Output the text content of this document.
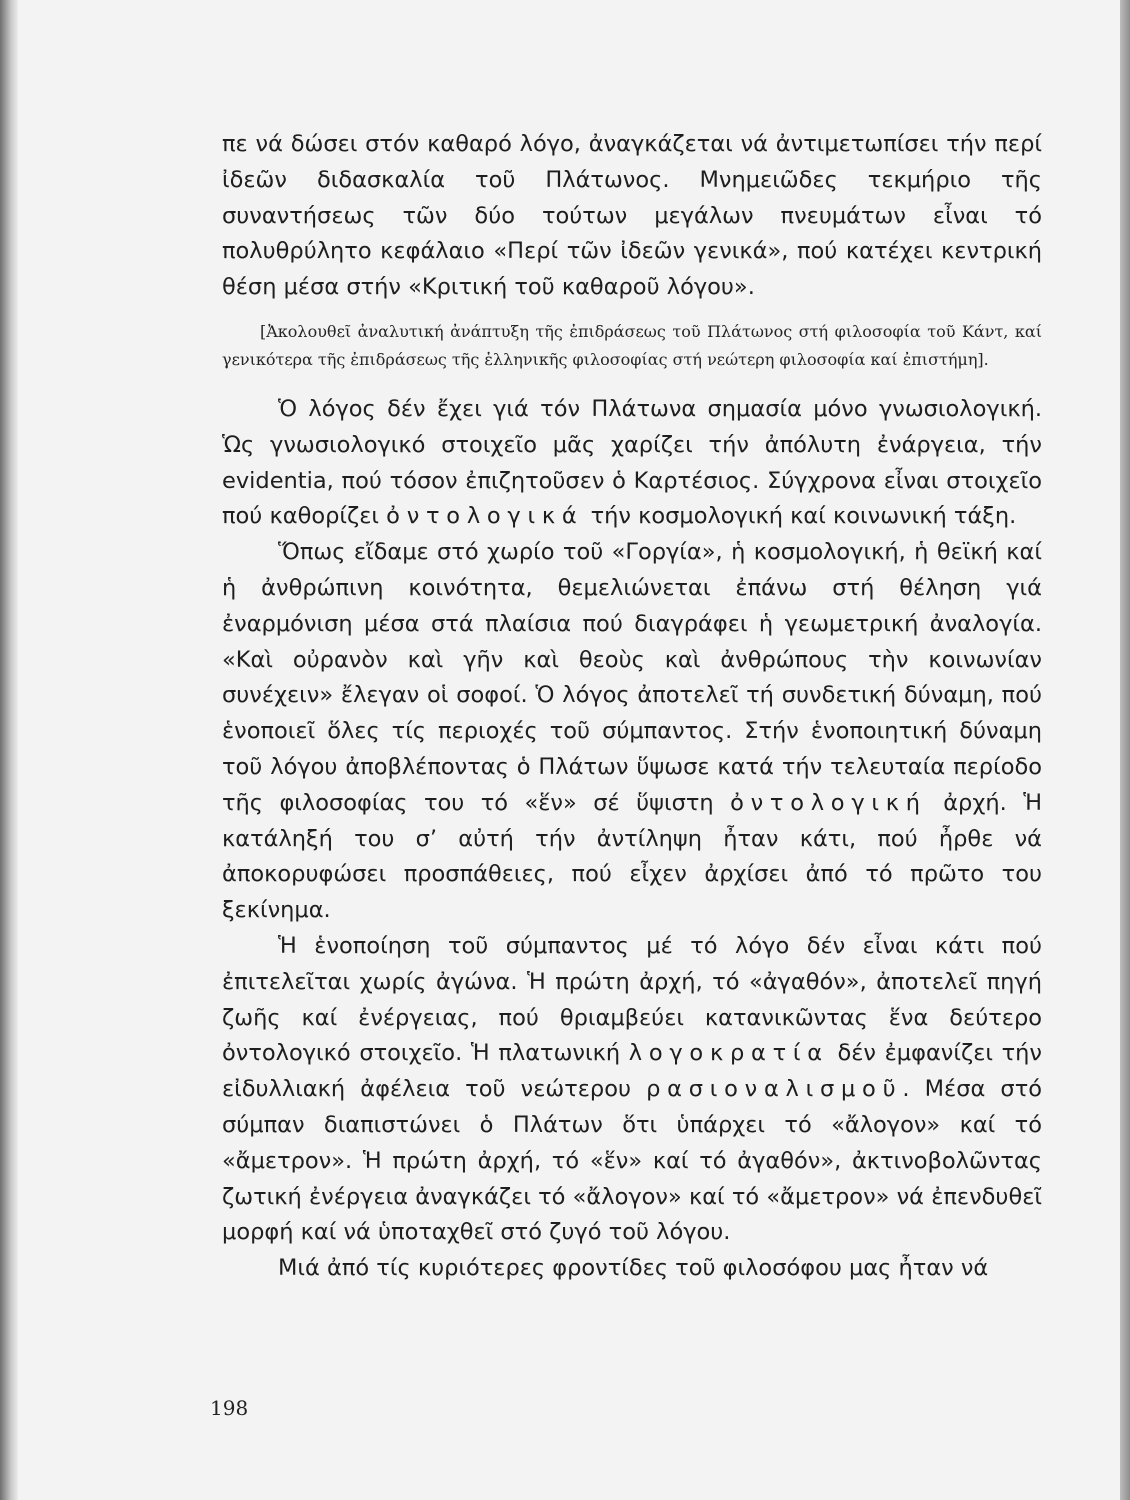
πε νά δώσει στόν καθαρό λόγο, ἀναγκάζεται νά ἀντιμετωπίσει τήν περί ἰδεῶν διδασκαλία τοῦ Πλάτωνος. Μνημειῶδες τεκμήριο τῆς συναντήσεως τῶν δύο τούτων μεγάλων πνευμάτων εἶναι τό πολυθρύλητο κεφάλαιο «Περί τῶν ἰδεῶν γενικά», πού κατέχει κεντρική θέση μέσα στήν «Κριτική τοῦ καθαροῦ λόγου».

[Ἀκολουθεῖ ἀναλυτική ἀνάπτυξη τῆς ἐπιδράσεως τοῦ Πλάτωνος στή φιλοσοφία τοῦ Κάντ, καί γενικότερα τῆς ἐπιδράσεως τῆς ἑλληνικῆς φιλοσοφίας στή νεώτερη φιλοσοφία καί ἐπιστήμη].

Ὁ λόγος δέν ἔχει γιά τόν Πλάτωνα σημασία μόνο γνωσιολογική. Ὡς γνωσιολογικό στοιχεῖο μᾶς χαρίζει τήν ἀπόλυτη ἐνάργεια, τήν evidentia, πού τόσον ἐπιζητοῦσεν ὁ Καρτέσιος. Σύγχρονα εἶναι στοιχεῖο πού καθορίζει ὀντολογικά τήν κοσμολογική καί κοινωνική τάξη.

Ὅπως εἴδαμε στό χωρίο τοῦ «Γοργία», ἡ κοσμολογική, ἡ θεϊκή καί ἡ ἀνθρώπινη κοινότητα, θεμελιώνεται ἐπάνω στή θέληση γιά ἐναρμόνιση μέσα στά πλαίσια πού διαγράφει ἡ γεωμετρική ἀναλογία. «Καὶ οὐρανὸν καὶ γῆν καὶ θεοὺς καὶ ἀνθρώπους τὴν κοινωνίαν συνέχειν» ἔλεγαν οἱ σοφοί. Ὁ λόγος ἀποτελεῖ τή συνδετική δύναμη, πού ἑνοποιεῖ ὅλες τίς περιοχές τοῦ σύμπαντος. Στήν ἑνοποιητική δύναμη τοῦ λόγου ἀποβλέποντας ὁ Πλάτων ὕψωσε κατά τήν τελευταία περίοδο τῆς φιλοσοφίας του τό «ἕν» σέ ὕψιστη ὀντολογική ἀρχή. Ἡ κατάληξή του σ’ αὐτή τήν ἀντίληψη ἦταν κάτι, πού ἦρθε νά ἀποκορυφώσει προσπάθειες, πού εἶχεν ἀρχίσει ἀπό τό πρῶτο του ξεκίνημα.

Ἡ ἑνοποίηση τοῦ σύμπαντος μέ τό λόγο δέν εἶναι κάτι πού ἐπιτελεῖται χωρίς ἀγώνα. Ἡ πρώτη ἀρχή, τό «ἀγαθόν», ἀποτελεῖ πηγή ζωῆς καί ἐνέργειας, πού θριαμβεύει κατανικῶντας ἕνα δεύτερο ὀντολογικό στοιχεῖο. Ἡ πλατωνική λογοκρατία δέν ἐμφανίζει τήν εἰδυλλιακή ἀφέλεια τοῦ νεώτερου ρασιοναλισμοῦ. Μέσα στό σύμπαν διαπιστώνει ὁ Πλάτων ὅτι ὑπάρχει τό «ἄλογον» καί τό «ἄμετρον». Ἡ πρώτη ἀρχή, τό «ἕν» καί τό ἀγαθόν», ἀκτινοβολῶντας ζωτική ἐνέργεια ἀναγκάζει τό «ἄλογον» καί τό «ἄμετρον» νά ἐπενδυθεῖ μορφή καί νά ὑποταχθεῖ στό ζυγό τοῦ λόγου.

Μιά ἀπό τίς κυριότερες φροντίδες τοῦ φιλοσόφου μας ἦταν νά

198
